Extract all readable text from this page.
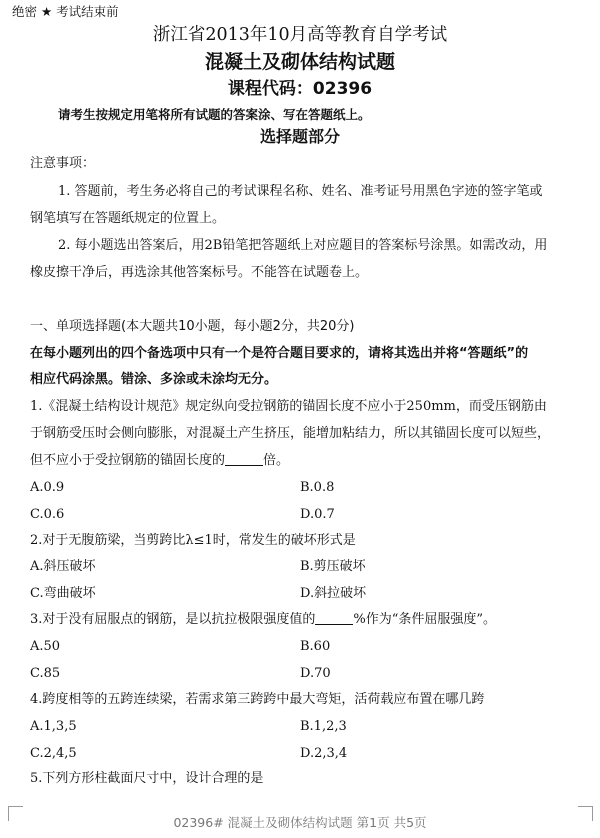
绝密 ★ 考试结束前
浙江省2013年10月高等教育自学考试
混凝土及砌体结构试题
课程代码：02396
请考生按规定用笔将所有试题的答案涂、写在答题纸上。
选择题部分
注意事项：
1. 答题前，考生务必将自己的考试课程名称、姓名、准考证号用黑色字迹的签字笔或
钢笔填写在答题纸规定的位置上。
2. 每小题选出答案后，用2B铅笔把答题纸上对应题目的答案标号涂黑。如需改动，用
橡皮擦干净后，再选涂其他答案标号。不能答在试题卷上。
一、单项选择题(本大题共10小题，每小题2分，共20分)
在每小题列出的四个备选项中只有一个是符合题目要求的，请将其选出并将“答题纸”的
相应代码涂黑。错涂、多涂或未涂均无分。
1.《混凝土结构设计规范》规定纵向受拉钢筋的锚固长度不应小于250mm，而受压钢筋由
于钢筋受压时会侧向膨胀，对混凝土产生挤压，能增加粘结力，所以其锚固长度可以短些，
但不应小于受拉钢筋的锚固长度的	倍。
A.0.9	B.0.8
C.0.6	D.0.7
2.对于无腹筋梁，当剪跨比λ≤1时，常发生的破坏形式是
A.斜压破坏	B.剪压破坏
C.弯曲破坏	D.斜拉破坏
3.对于没有屈服点的钢筋，是以抗拉极限强度值的	%作为“条件屈服强度”。
A.50	B.60
C.85	D.70
4.跨度相等的五跨连续梁，若需求第三跨跨中最大弯矩，活荷载应布置在哪几跨
A.1,3,5	B.1,2,3
C.2,4,5	D.2,3,4
5.下列方形柱截面尺寸中，设计合理的是
02396# 混凝土及砌体结构试题 第1页 共5页
